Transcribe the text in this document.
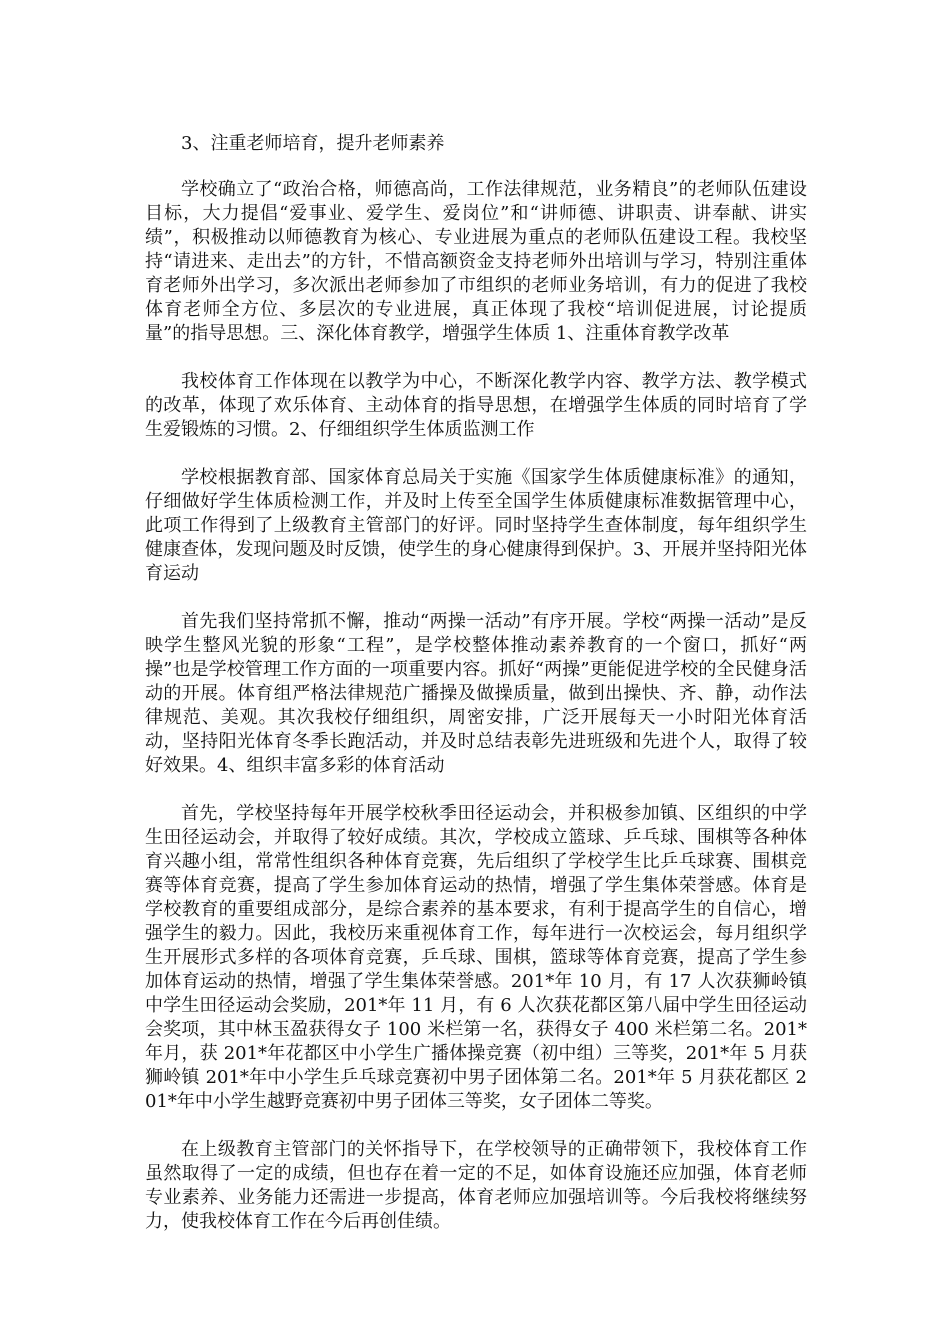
3、注重老师培育，提升老师素养

学校确立了“政治合格，师德高尚，工作法律规范，业务精良”的老师队伍建设目标，大力提倡“爱事业、爱学生、爱岗位”和“讲师德、讲职责、讲奉献、讲实绩”，积极推动以师德教育为核心、专业进展为重点的老师队伍建设工程。我校坚持“请进来、走出去”的方针，不惜高额资金支持老师外出培训与学习，特别注重体育老师外出学习，多次派出老师参加了市组织的老师业务培训，有力的促进了我校体育老师全方位、多层次的专业进展，真正体现了我校“培训促进展，讨论提质量”的指导思想。三、深化体育教学，增强学生体质 1、注重体育教学改革

我校体育工作体现在以教学为中心，不断深化教学内容、教学方法、教学模式的改革，体现了欢乐体育、主动体育的指导思想，在增强学生体质的同时培育了学生爱锻炼的习惯。2、仔细组织学生体质监测工作

学校根据教育部、国家体育总局关于实施《国家学生体质健康标准》的通知，仔细做好学生体质检测工作，并及时上传至全国学生体质健康标准数据管理中心，此项工作得到了上级教育主管部门的好评。同时坚持学生查体制度，每年组织学生健康查体，发现问题及时反馈，使学生的身心健康得到保护。3、开展并坚持阳光体育运动

首先我们坚持常抓不懈，推动“两操一活动”有序开展。学校“两操一活动”是反映学生整风光貌的形象“工程”，是学校整体推动素养教育的一个窗口，抓好“两操”也是学校管理工作方面的一项重要内容。抓好“两操”更能促进学校的全民健身活动的开展。体育组严格法律规范广播操及做操质量，做到出操快、齐、静，动作法律规范、美观。其次我校仔细组织，周密安排，广泛开展每天一小时阳光体育活动，坚持阳光体育冬季长跑活动，并及时总结表彰先进班级和先进个人，取得了较好效果。4、组织丰富多彩的体育活动

首先，学校坚持每年开展学校秋季田径运动会，并积极参加镇、区组织的中学生田径运动会，并取得了较好成绩。其次，学校成立篮球、乒乓球、围棋等各种体育兴趣小组，常常性组织各种体育竞赛，先后组织了学校学生比乒乓球赛、围棋竞赛等体育竞赛，提高了学生参加体育运动的热情，增强了学生集体荣誉感。体育是学校教育的重要组成部分，是综合素养的基本要求，有利于提高学生的自信心，增强学生的毅力。因此，我校历来重视体育工作，每年进行一次校运会，每月组织学生开展形式多样的各项体育竞赛，乒乓球、围棋，篮球等体育竞赛，提高了学生参加体育运动的热情，增强了学生集体荣誉感。201*年 10 月，有 17 人次获狮岭镇中学生田径运动会奖励，201*年 11 月，有 6 人次获花都区第八届中学生田径运动会奖项，其中林玉盈获得女子 100 米栏第一名，获得女子 400 米栏第二名。201*年月，获 201*年花都区中小学生广播体操竞赛（初中组）三等奖，201*年 5 月获狮岭镇 201*年中小学生乒乓球竞赛初中男子团体第二名。201*年 5 月获花都区 201*年中小学生越野竞赛初中男子团体三等奖，女子团体二等奖。

在上级教育主管部门的关怀指导下，在学校领导的正确带领下，我校体育工作虽然取得了一定的成绩，但也存在着一定的不足，如体育设施还应加强，体育老师专业素养、业务能力还需进一步提高，体育老师应加强培训等。今后我校将继续努力，使我校体育工作在今后再创佳绩。
